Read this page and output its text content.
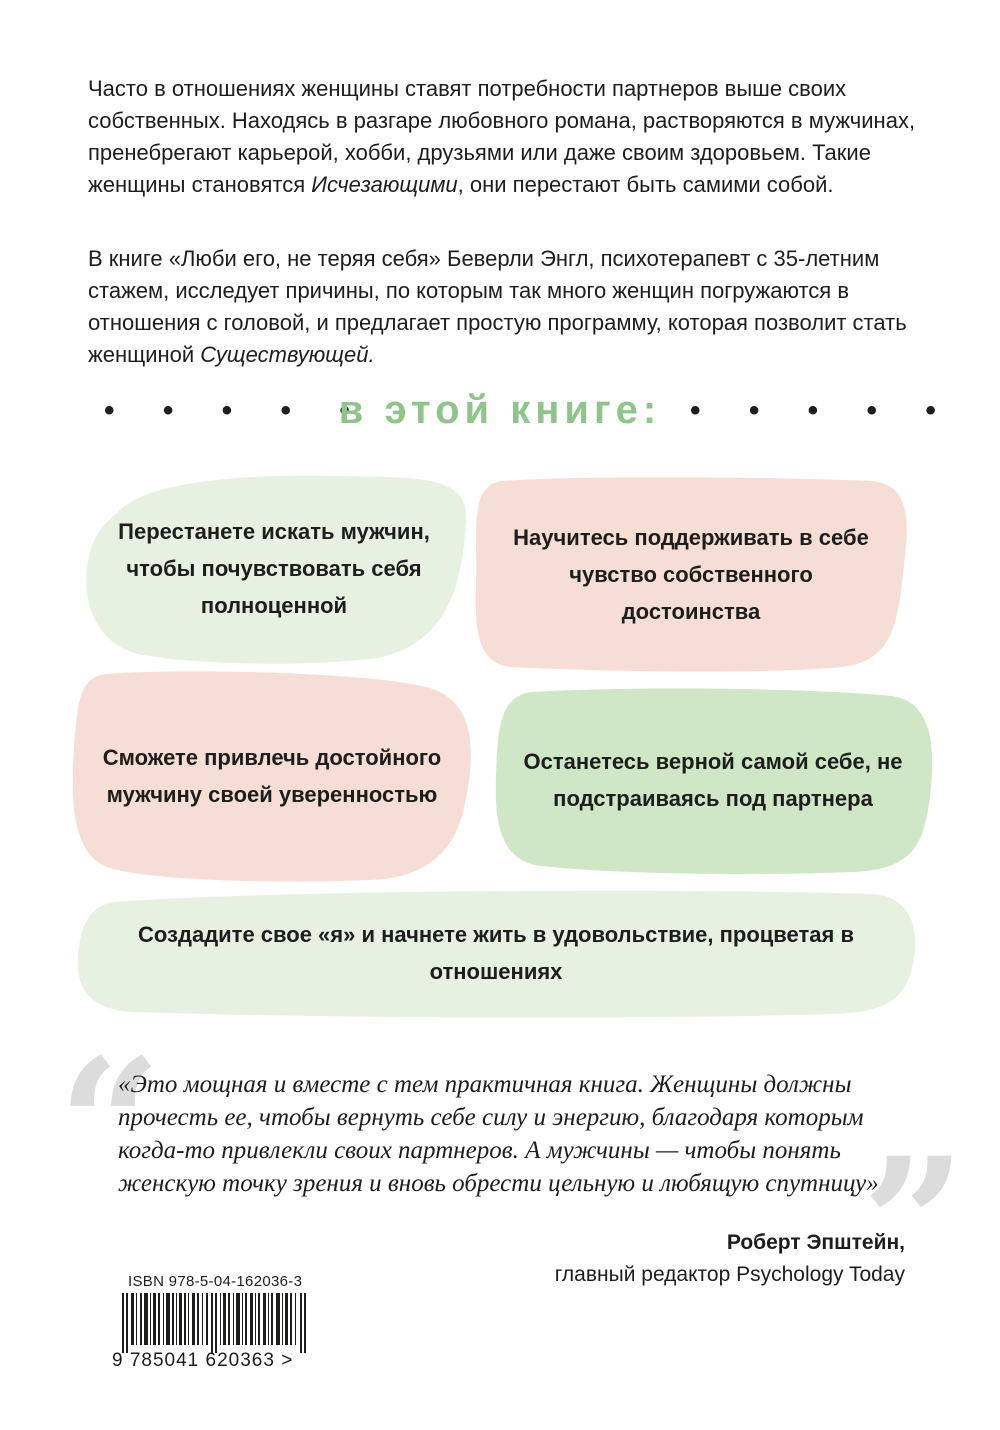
Часто в отношениях женщины ставят потребности партнеров выше своих собственных. Находясь в разгаре любовного романа, растворяются в мужчинах, пренебрегают карьерой, хобби, друзьями или даже своим здоровьем. Такие женщины становятся Исчезающими, они перестают быть самими собой.

В книге «Люби его, не теряя себя» Беверли Энгл, психотерапевт с 35-летним стажем, исследует причины, по которым так много женщин погружаются в отношения с головой, и предлагает простую программу, которая позволит стать женщиной Существующей.

• • • • •
в этой книге: • • • • •
Перестанете искать мужчин, чтобы почувствовать себя полноценной
Научитесь поддерживать в себе чувство собственного достоинства
Сможете привлечь достойного мужчину своей уверенностью
Останетесь верной самой себе, не подстраиваясь под партнера
Создадите свое «я» и начнете жить в удовольствие, процветая в отношениях
“

«Это мощная и вместе с тем практичная книга. Женщины должны прочесть ее, чтобы вернуть себе силу и энергию, благодаря которым когда-то привлекли своих партнеров. А мужчины — чтобы понять женскую точку зрения и вновь обрести цельную и любящую спутницу».

”
Роберт Эпштейн,
главный редактор Psychology Today
ISBN 978-5-04-162036-3
9 785041 620363 >
